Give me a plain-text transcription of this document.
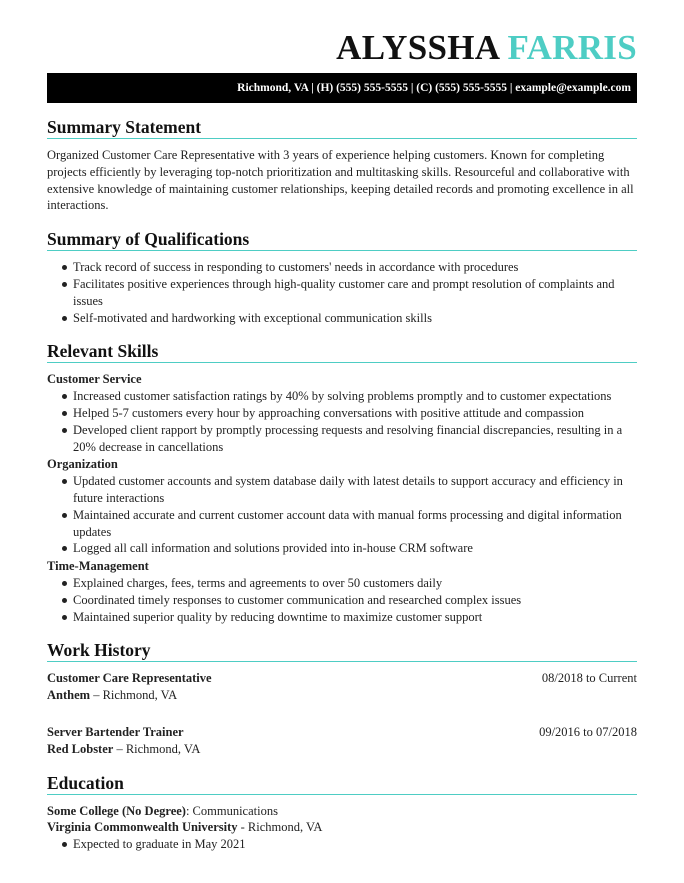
ALYSSHA FARRIS
Richmond, VA | (H) (555) 555-5555 | (C) (555) 555-5555 | example@example.com
Summary Statement

Organized Customer Care Representative with 3 years of experience helping customers. Known for completing projects efficiently by leveraging top-notch prioritization and multitasking skills. Resourceful and collaborative with extensive knowledge of maintaining customer relationships, keeping detailed records and promoting excellence in all interactions.

Summary of Qualifications
Track record of success in responding to customers' needs in accordance with procedures
Facilitates positive experiences through high-quality customer care and prompt resolution of complaints and issues
Self-motivated and hardworking with exceptional communication skills
Relevant Skills
Customer Service
Increased customer satisfaction ratings by 40% by solving problems promptly and to customer expectations
Helped 5-7 customers every hour by approaching conversations with positive attitude and compassion
Developed client rapport by promptly processing requests and resolving financial discrepancies, resulting in a 20% decrease in cancellations
Organization
Updated customer accounts and system database daily with latest details to support accuracy and efficiency in future interactions
Maintained accurate and current customer account data with manual forms processing and digital information updates
Logged all call information and solutions provided into in-house CRM software
Time-Management
Explained charges, fees, terms and agreements to over 50 customers daily
Coordinated timely responses to customer communication and researched complex issues
Maintained superior quality by reducing downtime to maximize customer support
Work History
Customer Care Representative	08/2018 to Current
Anthem – Richmond, VA
Server Bartender Trainer	09/2016 to 07/2018
Red Lobster – Richmond, VA
Education
Some College (No Degree): Communications
Virginia Commonwealth University - Richmond, VA
Expected to graduate in May 2021
